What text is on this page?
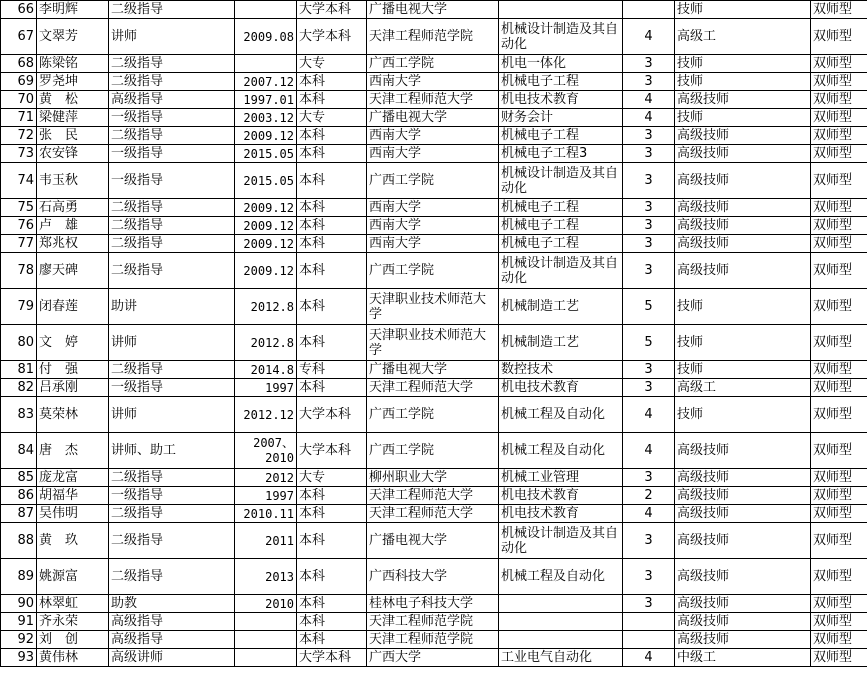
66	李明辉	二级指导		大学本科	广播电视大学			技师	双师型
67	文翠芳	讲师	2009.08	大学本科	天津工程师范学院	机械设计制造及其自动化	4	高级工	双师型
68	陈梁铭	二级指导		大专	广西工学院	机电一体化	3	技师	双师型
69	罗尧坤	二级指导	2007.12	本科	西南大学	机械电子工程	3	技师	双师型
70	黄　松	高级指导	1997.01	本科	天津工程师范大学	机电技术教育	4	高级技师	双师型
71	梁健萍	一级指导	2003.12	大专	广播电视大学	财务会计	4	技师	双师型
72	张　民	二级指导	2009.12	本科	西南大学	机械电子工程	3	高级技师	双师型
73	农安锋	一级指导	2015.05	本科	西南大学	机械电子工程3	3	高级技师	双师型
74	韦玉秋	一级指导	2015.05	本科	广西工学院	机械设计制造及其自动化	3	高级技师	双师型
75	石高勇	二级指导	2009.12	本科	西南大学	机械电子工程	3	高级技师	双师型
76	卢　雄	二级指导	2009.12	本科	西南大学	机械电子工程	3	高级技师	双师型
77	郑兆权	二级指导	2009.12	本科	西南大学	机械电子工程	3	高级技师	双师型
78	廖天碑	二级指导	2009.12	本科	广西工学院	机械设计制造及其自动化	3	高级技师	双师型
79	闭春莲	助讲	2012.8	本科	天津职业技术师范大学	机械制造工艺	5	技师	双师型
80	文　婷	讲师	2012.8	本科	天津职业技术师范大学	机械制造工艺	5	技师	双师型
81	付　强	二级指导	2014.8	专科	广播电视大学	数控技术	3	技师	双师型
82	吕承刚	一级指导	1997	本科	天津工程师范大学	机电技术教育	3	高级工	双师型
83	莫荣林	讲师	2012.12	大学本科	广西工学院	机械工程及自动化	4	技师	双师型
84	唐　杰	讲师、助工	2007、2010	大学本科	广西工学院	机械工程及自动化	4	高级技师	双师型
85	庞龙富	二级指导	2012	大专	柳州职业大学	机械工业管理	3	高级技师	双师型
86	胡福华	一级指导	1997	本科	天津工程师范大学	机电技术教育	2	高级技师	双师型
87	吴伟明	二级指导	2010.11	本科	天津工程师范大学	机电技术教育	4	高级技师	双师型
88	黄　玖	二级指导	2011	本科	广播电视大学	机械设计制造及其自动化	3	高级技师	双师型
89	姚源富	二级指导	2013	本科	广西科技大学	机械工程及自动化	3	高级技师	双师型
90	林翠虹	助教	2010	本科	桂林电子科技大学		3	高级技师	双师型
91	齐永荣	高级指导		本科	天津工程师范学院			高级技师	双师型
92	刘　创	高级指导		本科	天津工程师范学院			高级技师	双师型
93	黄伟林	高级讲师		大学本科	广西大学	工业电气自动化	4	中级工	双师型
